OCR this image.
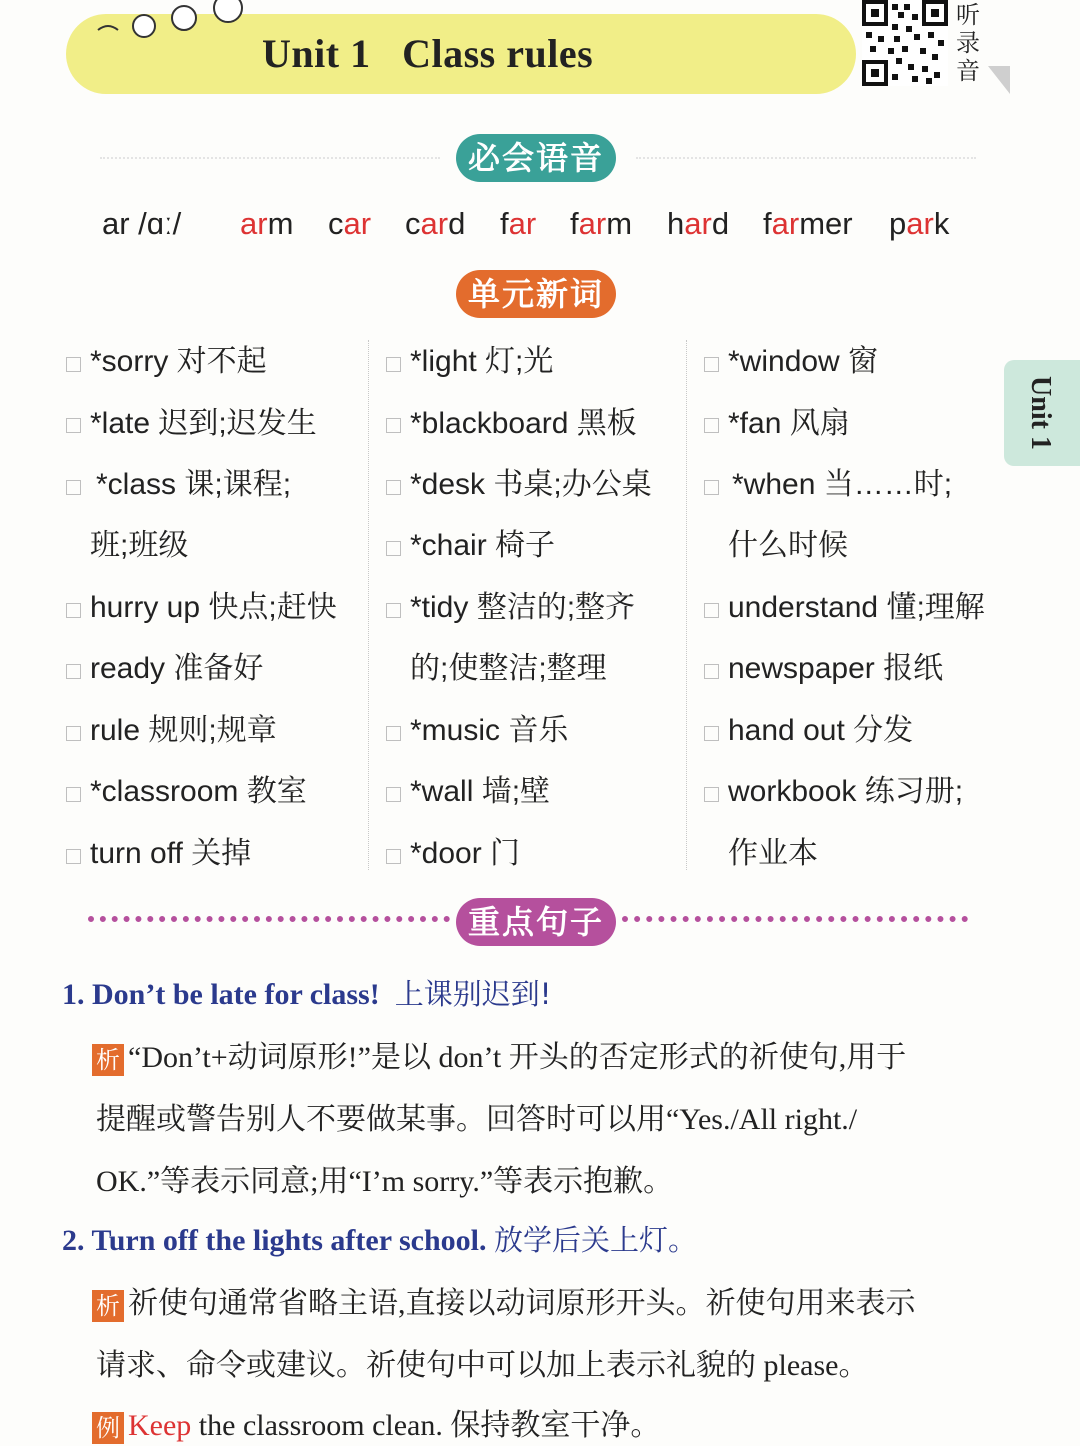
Unit 1 Class rules
听录音
Unit 1
必会语音
ar /ɑː/ arm car card far farm hard farmer park
单元新词
*sorry 对不起
*late 迟到;迟发生
*class 课;课程;
班;班级
hurry up 快点;赶快
ready 准备好
rule 规则;规章
*classroom 教室
turn off 关掉
*light 灯;光
*blackboard 黑板
*desk 书桌;办公桌
*chair 椅子
*tidy 整洁的;整齐
的;使整洁;整理
*music 音乐
*wall 墙;壁
*door 门
*window 窗
*fan 风扇
*when 当……时;
什么时候
understand 懂;理解
newspaper 报纸
hand out 分发
workbook 练习册;
作业本
重点句子
1. Don’t be late for class! 上课别迟到!
析 “Don’t+动词原形!”是以 don’t 开头的否定形式的祈使句,用于
提醒或警告别人不要做某事。回答时可以用“Yes./All right./
OK.”等表示同意;用“I’m sorry.”等表示抱歉。
2. Turn off the lights after school. 放学后关上灯。
析 祈使句通常省略主语,直接以动词原形开头。祈使句用来表示
请求、命令或建议。祈使句中可以加上表示礼貌的 please。
例 Keep the classroom clean. 保持教室干净。
